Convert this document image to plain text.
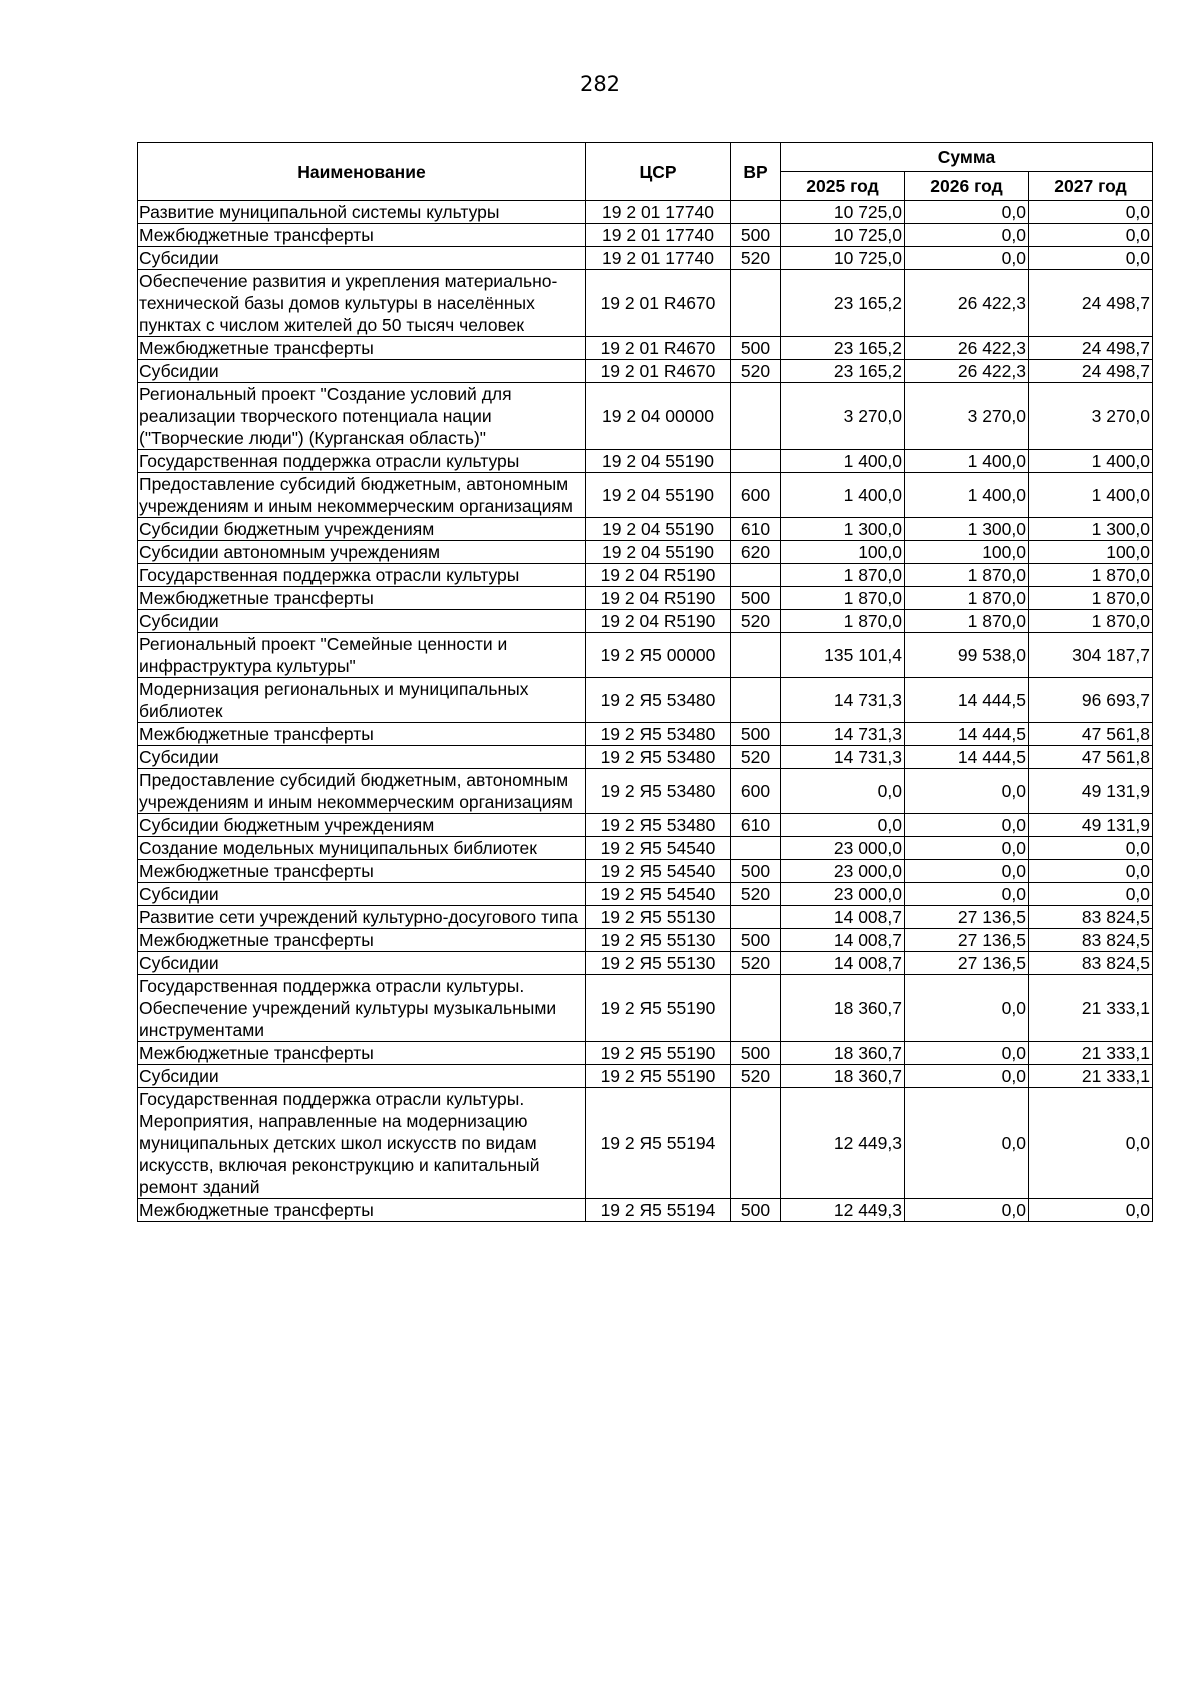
282
Наименование	ЦСР	ВР	Сумма		
			2025 год	2026 год	2027 год
Развитие муниципальной системы культуры	19 2 01 17740		10 725,0	0,0	0,0
Межбюджетные трансферты	19 2 01 17740	500	10 725,0	0,0	0,0
Субсидии	19 2 01 17740	520	10 725,0	0,0	0,0
Обеспечение развития и укрепления материально-технической базы домов культуры в населённых пунктах с числом жителей до 50 тысяч человек	19 2 01 R4670		23 165,2	26 422,3	24 498,7
Межбюджетные трансферты	19 2 01 R4670	500	23 165,2	26 422,3	24 498,7
Субсидии	19 2 01 R4670	520	23 165,2	26 422,3	24 498,7
Региональный проект "Создание условий для реализации творческого потенциала нации ("Творческие люди") (Курганская область)"	19 2 04 00000		3 270,0	3 270,0	3 270,0
Государственная поддержка отрасли культуры	19 2 04 55190		1 400,0	1 400,0	1 400,0
Предоставление субсидий бюджетным, автономным учреждениям и иным некоммерческим организациям	19 2 04 55190	600	1 400,0	1 400,0	1 400,0
Субсидии бюджетным учреждениям	19 2 04 55190	610	1 300,0	1 300,0	1 300,0
Субсидии автономным учреждениям	19 2 04 55190	620	100,0	100,0	100,0
Государственная поддержка отрасли культуры	19 2 04 R5190		1 870,0	1 870,0	1 870,0
Межбюджетные трансферты	19 2 04 R5190	500	1 870,0	1 870,0	1 870,0
Субсидии	19 2 04 R5190	520	1 870,0	1 870,0	1 870,0
Региональный проект "Семейные ценности и инфраструктура культуры"	19 2 Я5 00000		135 101,4	99 538,0	304 187,7
Модернизация региональных и муниципальных библиотек	19 2 Я5 53480		14 731,3	14 444,5	96 693,7
Межбюджетные трансферты	19 2 Я5 53480	500	14 731,3	14 444,5	47 561,8
Субсидии	19 2 Я5 53480	520	14 731,3	14 444,5	47 561,8
Предоставление субсидий бюджетным, автономным учреждениям и иным некоммерческим организациям	19 2 Я5 53480	600	0,0	0,0	49 131,9
Субсидии бюджетным учреждениям	19 2 Я5 53480	610	0,0	0,0	49 131,9
Создание модельных муниципальных библиотек	19 2 Я5 54540		23 000,0	0,0	0,0
Межбюджетные трансферты	19 2 Я5 54540	500	23 000,0	0,0	0,0
Субсидии	19 2 Я5 54540	520	23 000,0	0,0	0,0
Развитие сети учреждений культурно-досугового типа	19 2 Я5 55130		14 008,7	27 136,5	83 824,5
Межбюджетные трансферты	19 2 Я5 55130	500	14 008,7	27 136,5	83 824,5
Субсидии	19 2 Я5 55130	520	14 008,7	27 136,5	83 824,5
Государственная поддержка отрасли культуры. Обеспечение учреждений культуры музыкальными инструментами	19 2 Я5 55190		18 360,7	0,0	21 333,1
Межбюджетные трансферты	19 2 Я5 55190	500	18 360,7	0,0	21 333,1
Субсидии	19 2 Я5 55190	520	18 360,7	0,0	21 333,1
Государственная поддержка отрасли культуры. Мероприятия, направленные на модернизацию муниципальных детских школ искусств по видам искусств, включая реконструкцию и капитальный ремонт зданий	19 2 Я5 55194		12 449,3	0,0	0,0
Межбюджетные трансферты	19 2 Я5 55194	500	12 449,3	0,0	0,0
